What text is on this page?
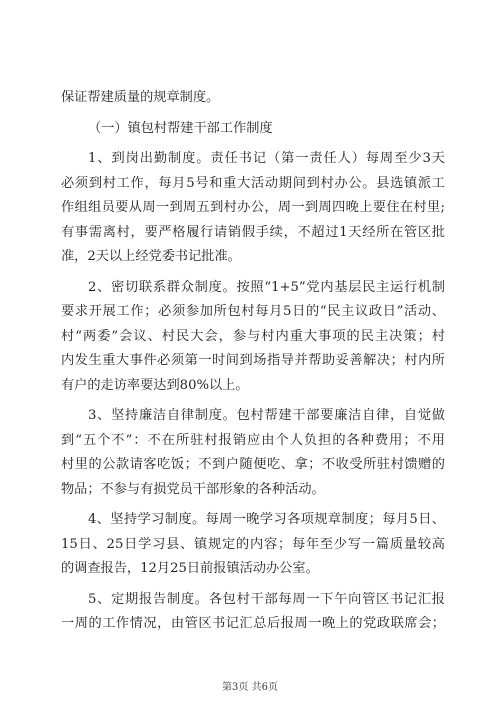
保证帮建质量的规章制度。
（一）镇包村帮建干部工作制度
1、到岗出勤制度。责任书记（第一责任人）每周至少3天
必须到村工作，每月5号和重大活动期间到村办公。县选镇派工
作组组员要从周一到周五到村办公，周一到周四晚上要住在村里;
有事需离村，要严格履行请销假手续，不超过1天经所在管区批
准，2天以上经党委书记批准。
2、密切联系群众制度。按照“1+5”党内基层民主运行机制
要求开展工作；必须参加所包村每月5日的“民主议政日”活动、
村“两委”会议、村民大会，参与村内重大事项的民主决策；村
内发生重大事件必须第一时间到场指导并帮助妥善解决；村内所
有户的走访率要达到80%以上。
3、坚持廉洁自律制度。包村帮建干部要廉洁自律，自觉做
到“五个不”：不在所驻村报销应由个人负担的各种费用；不用
村里的公款请客吃饭；不到户随便吃、拿；不收受所驻村馈赠的
物品；不参与有损党员干部形象的各种活动。
4、坚持学习制度。每周一晚学习各项规章制度；每月5日、
15日、25日学习县、镇规定的内容；每年至少写一篇质量较高
的调查报告，12月25日前报镇活动办公室。
5、定期报告制度。各包村干部每周一下午向管区书记汇报
一周的工作情况，由管区书记汇总后报周一晚上的党政联席会；
第3页 共6页
